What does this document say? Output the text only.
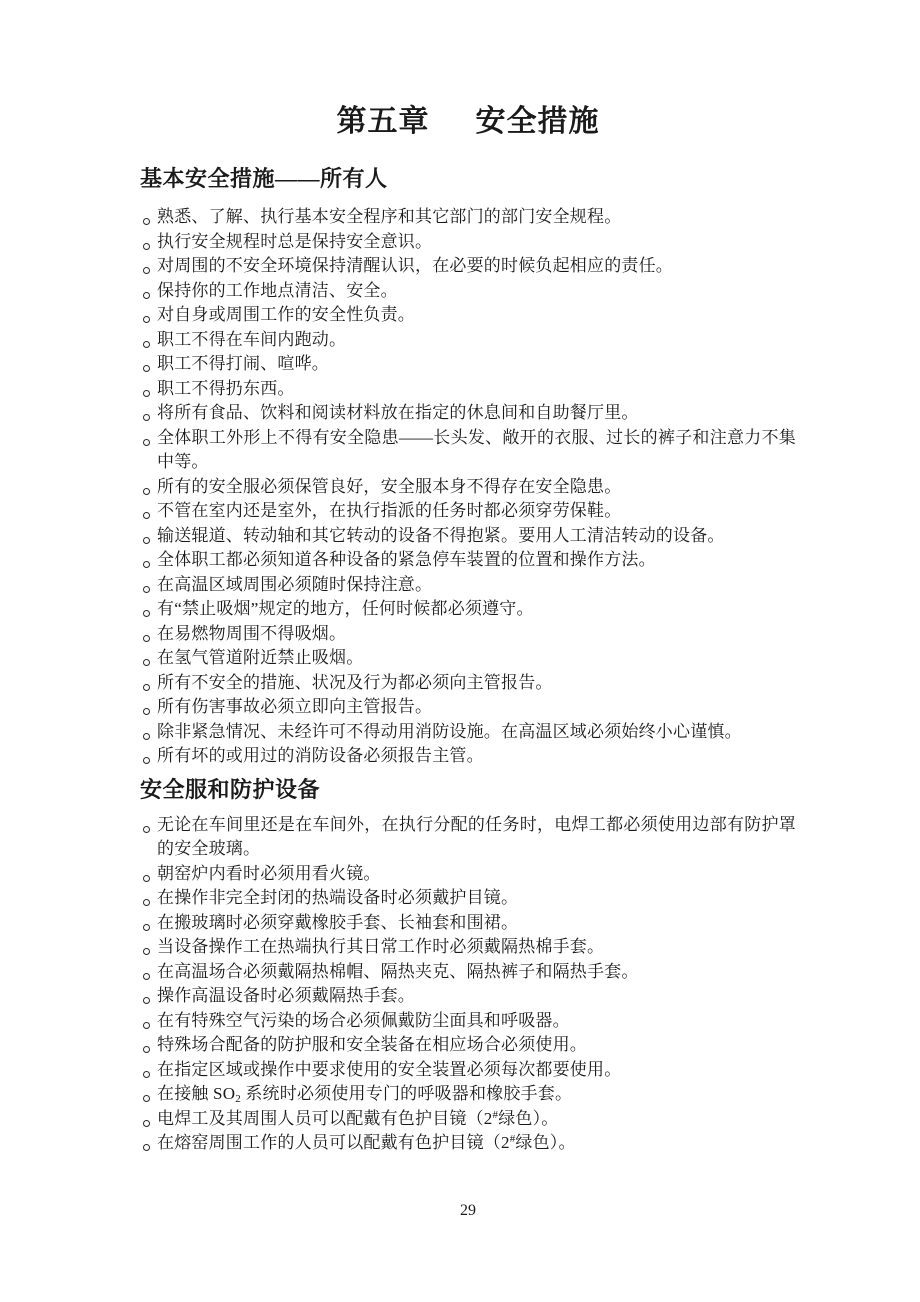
第五章 安全措施
基本安全措施——所有人
熟悉、了解、执行基本安全程序和其它部门的部门安全规程。
执行安全规程时总是保持安全意识。
对周围的不安全环境保持清醒认识，在必要的时候负起相应的责任。
保持你的工作地点清洁、安全。
对自身或周围工作的安全性负责。
职工不得在车间内跑动。
职工不得打闹、喧哗。
职工不得扔东西。
将所有食品、饮料和阅读材料放在指定的休息间和自助餐厅里。
全体职工外形上不得有安全隐患——长头发、敞开的衣服、过长的裤子和注意力不集中等。
所有的安全服必须保管良好，安全服本身不得存在安全隐患。
不管在室内还是室外，在执行指派的任务时都必须穿劳保鞋。
输送辊道、转动轴和其它转动的设备不得抱紧。要用人工清洁转动的设备。
全体职工都必须知道各种设备的紧急停车装置的位置和操作方法。
在高温区域周围必须随时保持注意。
有“禁止吸烟”规定的地方，任何时候都必须遵守。
在易燃物周围不得吸烟。
在氢气管道附近禁止吸烟。
所有不安全的措施、状况及行为都必须向主管报告。
所有伤害事故必须立即向主管报告。
除非紧急情况、未经许可不得动用消防设施。在高温区域必须始终小心谨慎。
所有坏的或用过的消防设备必须报告主管。
安全服和防护设备
无论在车间里还是在车间外，在执行分配的任务时，电焊工都必须使用边部有防护罩的安全玻璃。
朝窑炉内看时必须用看火镜。
在操作非完全封闭的热端设备时必须戴护目镜。
在搬玻璃时必须穿戴橡胶手套、长袖套和围裙。
当设备操作工在热端执行其日常工作时必须戴隔热棉手套。
在高温场合必须戴隔热棉帽、隔热夹克、隔热裤子和隔热手套。
操作高温设备时必须戴隔热手套。
在有特殊空气污染的场合必须佩戴防尘面具和呼吸器。
特殊场合配备的防护服和安全装备在相应场合必须使用。
在指定区域或操作中要求使用的安全装置必须每次都要使用。
在接触 $SO_2$ 系统时必须使用专门的呼吸器和橡胶手套。
电焊工及其周围人员可以配戴有色护目镜（2#绿色）。
在熔窑周围工作的人员可以配戴有色护目镜（2#绿色）。
29
